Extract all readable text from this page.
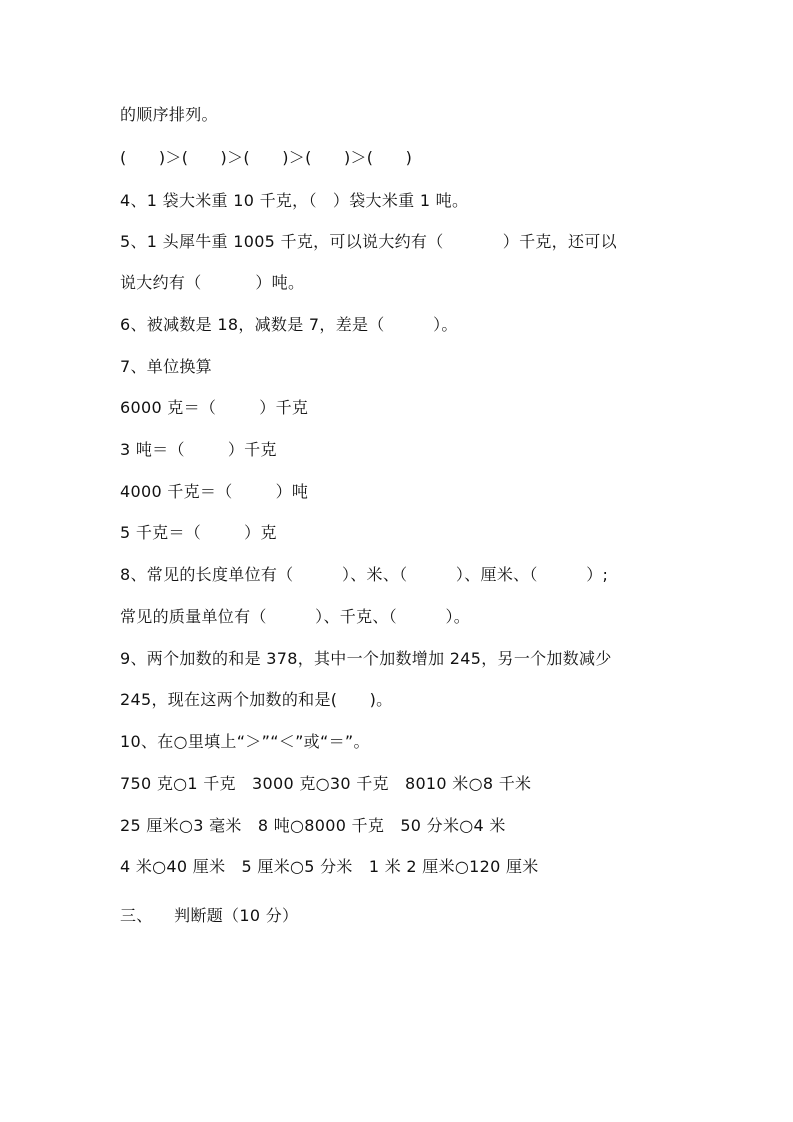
的顺序排列。
(      )＞(      )＞(      )＞(      )＞(      )
4、1 袋大米重 10 千克，（   ）袋大米重 1 吨。
5、1 头犀牛重 1005 千克，可以说大约有（           ）千克，还可以
说大约有（          ）吨。
6、被减数是 18，减数是 7，差是（         ）。
7、单位换算
6000 克＝（        ）千克
3 吨＝（        ）千克
4000 千克＝（        ）吨
5 千克＝（        ）克
8、常见的长度单位有（         ）、米、（         ）、厘米、（         ）;
常见的质量单位有（         ）、千克、（         ）。
9、两个加数的和是 378，其中一个加数增加 245，另一个加数减少
245，现在这两个加数的和是(      )。
10、在○里填上“＞”“＜”或“＝”。
750 克○1 千克   3000 克○30 千克   8010 米○8 千米
25 厘米○3 毫米   8 吨○8000 千克   50 分米○4 米
4 米○40 厘米   5 厘米○5 分米   1 米 2 厘米○120 厘米
三、    判断题（10 分）
